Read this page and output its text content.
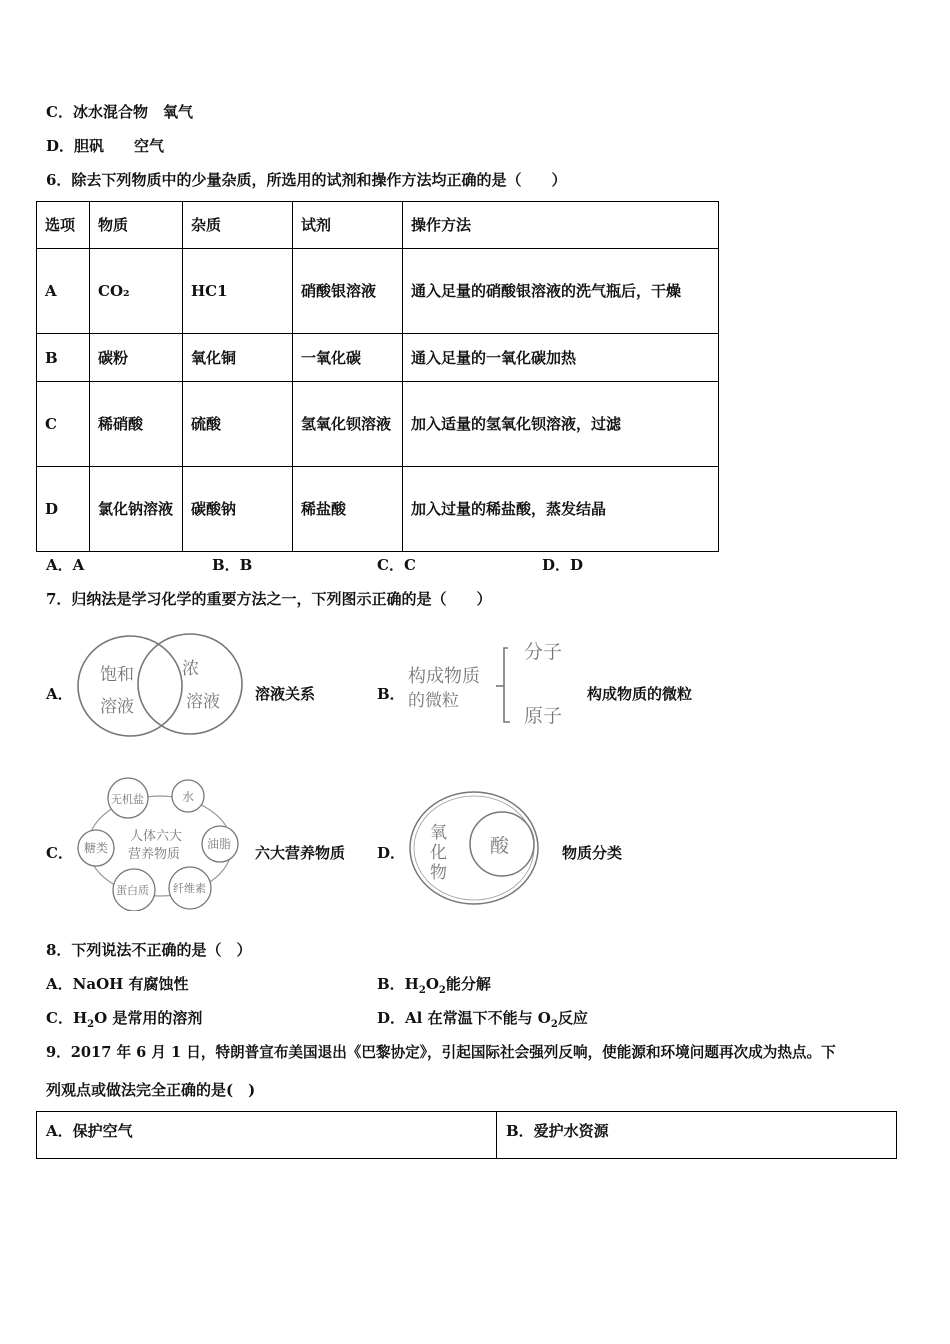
C．冰水混合物　氧气
D．胆矾　　空气
6．除去下列物质中的少量杂质，所选用的试剂和操作方法均正确的是（　　）
选项	物质	杂质	试剂	操作方法
A	CO₂	HC1	硝酸银溶液	通入足量的硝酸银溶液的洗气瓶后，干燥
B	碳粉	氧化铜	一氧化碳	通入足量的一氧化碳加热
C	稀硝酸	硫酸	氢氧化钡溶液	加入适量的氢氧化钡溶液，过滤
D	氯化钠溶液	碳酸钠	稀盐酸	加入过量的稀盐酸，蒸发结晶
A．A	B．B	C．C	D．D
7．归纳法是学习化学的重要方法之一，下列图示正确的是（　　）
A．
饱和
溶液
浓
溶液 溶液关系	B．
构成物质
的微粒
分子
原子
构成物质的微粒
C．
人体六大
营养物质
无机盐	水
油脂
纤维素
蛋白质
糖类	六大营养物质 D．
氧
化
物
酸	物质分类
8．下列说法不正确的是（　）
A．NaOH 有腐蚀性	B．$H_2O_2$能分解
C．$H_2O$ 是常用的溶剂	D．Al 在常温下不能与 $O_2$反应
9．2017 年 6 月 1 日，特朗普宣布美国退出《巴黎协定》，引起国际社会强列反响，使能源和环境问题再次成为热点。下
列观点或做法完全正确的是(　)
A．保护空气	B．爱护水资源
